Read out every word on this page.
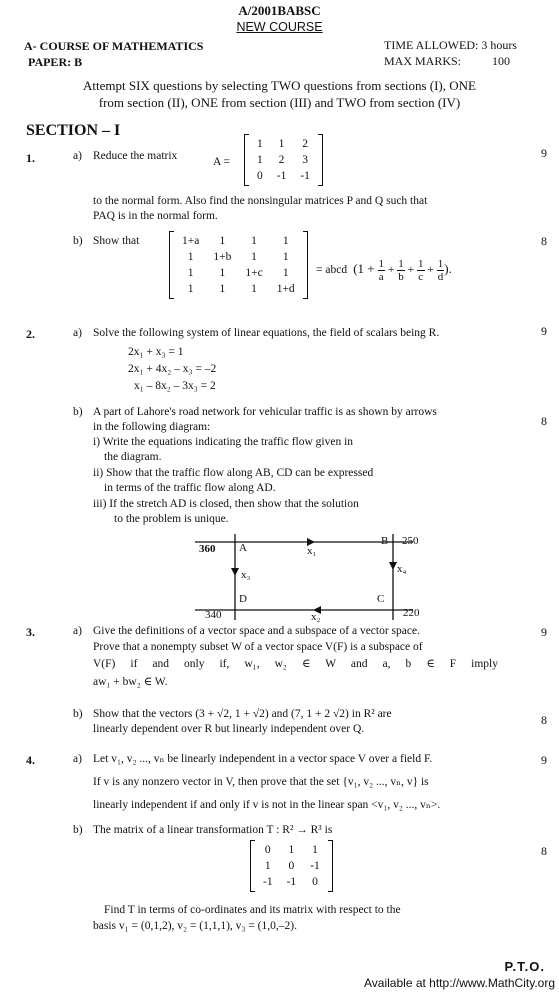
A/2001BABSC
NEW COURSE
A- COURSE OF MATHEMATICS
PAPER: B
TIME ALLOWED: 3 hours
MAX MARKS:	100
Attempt SIX questions by selecting TWO questions from sections (I), ONE
from section (II), ONE from section (III) and TWO from section (IV)
SECTION – I
1.	a) Reduce the matrix	A =
1	1	2
1	2	3
0	-1	-1
9
to the normal form. Also find the nonsingular matrices P and Q such that
PAQ is in the normal form.
b) Show that	1+a	1	1	1
1	1+b	1	1
1	1	1+c	1
1	1	1	1+d
= abcd  ($1 + \frac{1}{a} + \frac{1}{b} + \frac{1}{c} + \frac{1}{d}$ ).
8
2.	a) Solve the following system of linear equations, the field of scalars being R.	9
2x₁ + x₃ = 1
2x₁ + 4x₂ – x₃ = –2
x₁ – 8x₂ – 3x₃ = 2
b) A part of Lahore's road network for vehicular traffic is as shown by arrows
8
in the following diagram:
i) Write the equations indicating the traffic flow given in
the diagram.
ii) Show that the traffic flow along AB, CD can be expressed
in terms of the traffic flow along AD.
iii) If the stretch AD is closed, then show that the solution
to the problem is unique.
360 A
B 250
x₁
x₃	x₄
D	C
340	x₂	220
3.	a) Give the definitions of a vector space and a subspace of a vector space.	9
Prove that a nonempty subset W of a vector space V(F) is a subspace of
V(F) if and only if, w₁, w₂ ∈ W and a, b ∈ F imply
aw₁ + bw₂ ∈ W.
b) Show that the vectors (3 + √2, 1 + √2) and (7, 1 + 2 √2) in R² are
linearly dependent over R but linearly independent over Q.
8
4.	a) Let v₁, v₂ ..., vₙ be linearly independent in a vector space V over a field F.	9
If v is any nonzero vector in V, then prove that the set {v₁, v₂ ..., vₙ, v} is
linearly independent if and only if v is not in the linear span <v₁, v₂ ..., vₙ>.
b) The matrix of a linear transformation T : R² → R³ is
0	1	1
1	0	-1
-1	-1	0
8
Find T in terms of co-ordinates and its matrix with respect to the
basis v₁ = (0,1,2), v₂ = (1,1,1), v₃ = (1,0,–2).
P.T.O.
Available at http://www.MathCity.org
